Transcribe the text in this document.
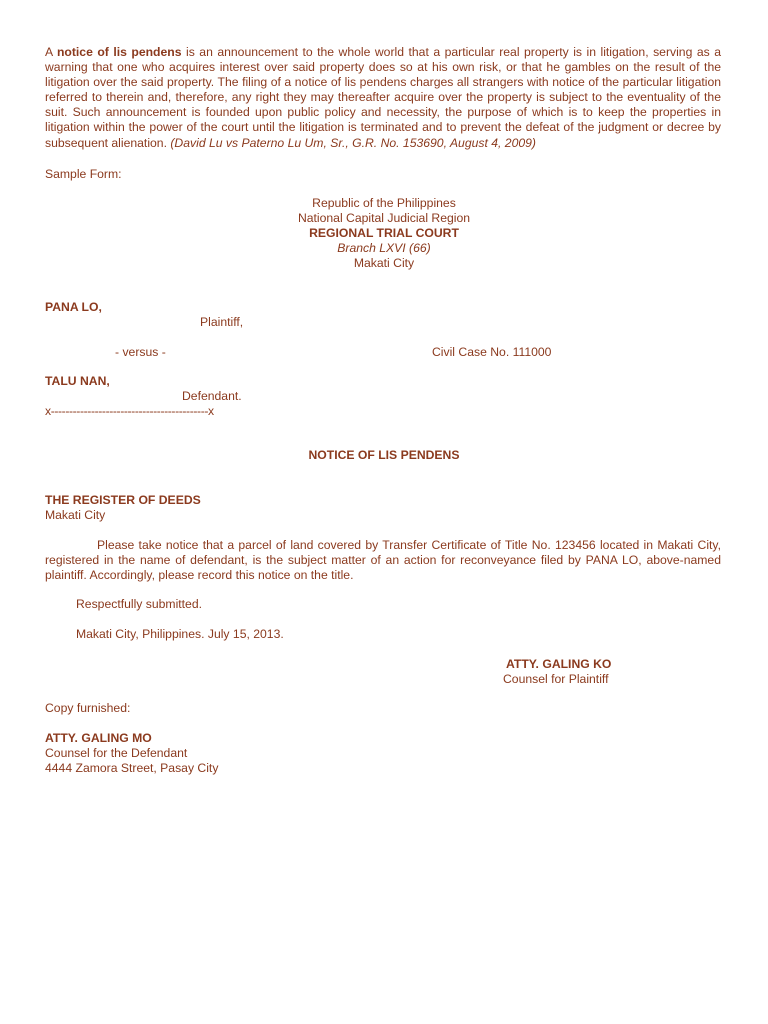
A notice of lis pendens is an announcement to the whole world that a particular real property is in litigation, serving as a warning that one who acquires interest over said property does so at his own risk, or that he gambles on the result of the litigation over the said property. The filing of a notice of lis pendens charges all strangers with notice of the particular litigation referred to therein and, therefore, any right they may thereafter acquire over the property is subject to the eventuality of the suit. Such announcement is founded upon public policy and necessity, the purpose of which is to keep the properties in litigation within the power of the court until the litigation is terminated and to prevent the defeat of the judgment or decree by subsequent alienation. (David Lu vs Paterno Lu Um, Sr., G.R. No. 153690, August 4, 2009)
Sample Form:
Republic of the Philippines
National Capital Judicial Region
REGIONAL TRIAL COURT
Branch LXVI (66)
Makati City
PANA LO,
Plaintiff,
- versus -	Civil Case No. 111000
TALU NAN,
Defendant.
x-------------------------------------------x
NOTICE OF LIS PENDENS
THE REGISTER OF DEEDS
Makati City
Please take notice that a parcel of land covered by Transfer Certificate of Title No. 123456 located in Makati City, registered in the name of defendant, is the subject matter of an action for reconveyance filed by PANA LO, above-named plaintiff. Accordingly, please record this notice on the title.
Respectfully submitted.
Makati City, Philippines. July 15, 2013.
ATTY. GALING KO
Counsel for Plaintiff
Copy furnished:
ATTY. GALING MO
Counsel for the Defendant
4444 Zamora Street, Pasay City
